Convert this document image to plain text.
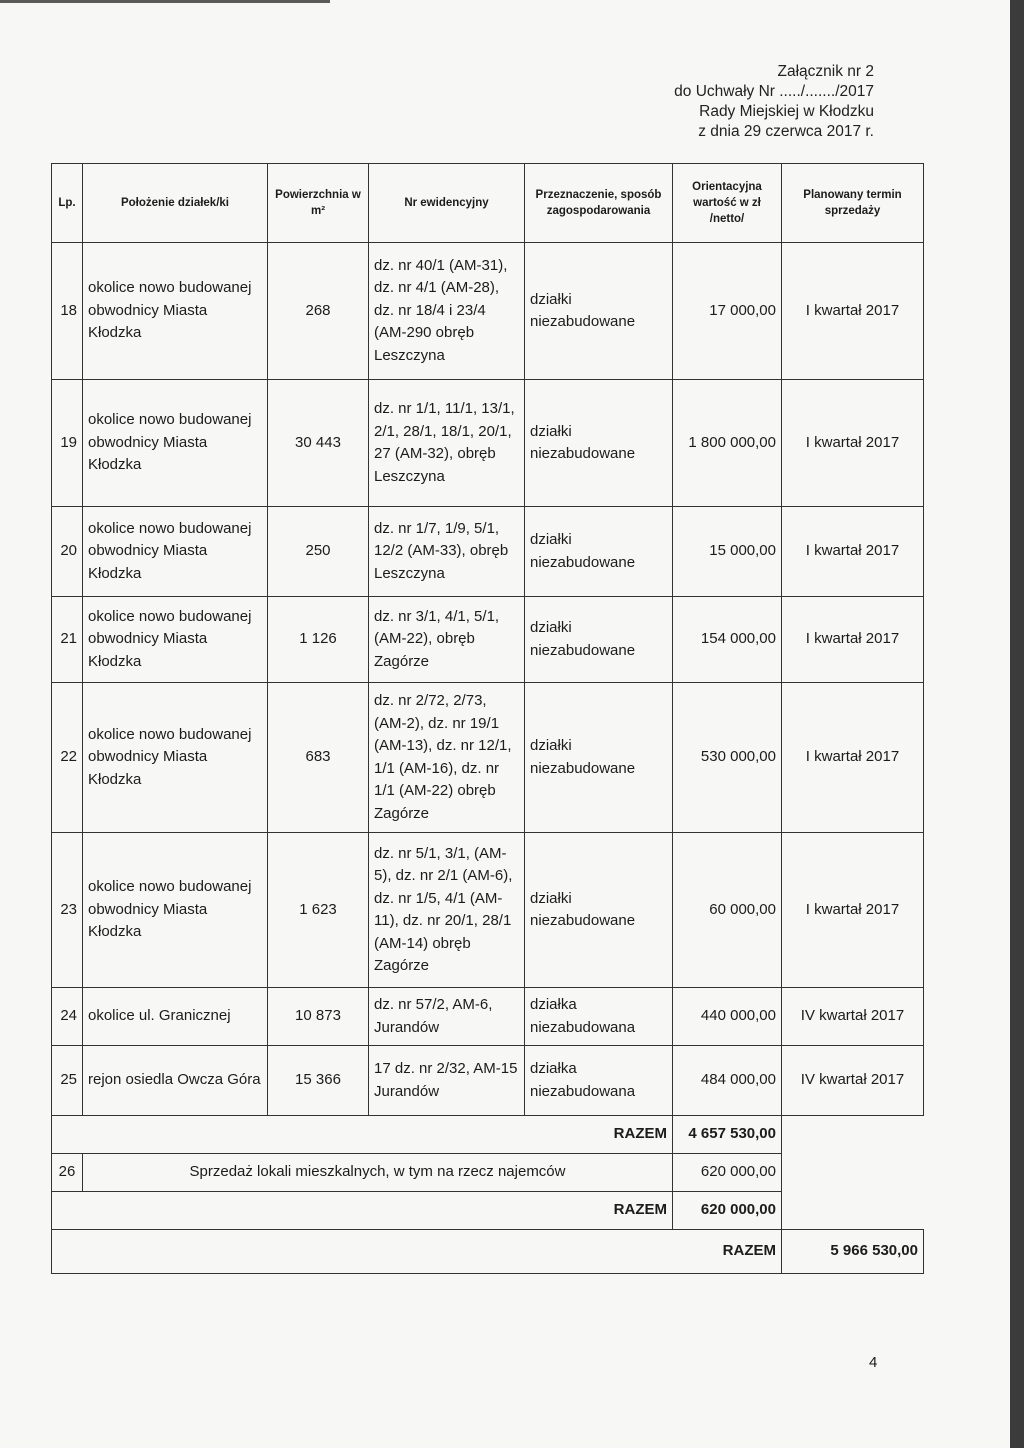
Załącznik nr 2
do Uchwały Nr ...../......./2017
Rady Miejskiej w Kłodzku
z dnia 29 czerwca 2017 r.
Lp.	Położenie działek/ki	Powierzchnia w m²	Nr ewidencyjny	Przeznaczenie, sposób zagospodarowania	Orientacyjna wartość w zł /netto/	Planowany termin sprzedaży
18	okolice nowo budowanej obwodnicy Miasta Kłodzka	268	dz. nr 40/1 (AM-31), dz. nr 4/1 (AM-28), dz. nr 18/4 i 23/4 (AM-290 obręb Leszczyna	działki niezabudowane	17 000,00	I kwartał 2017
19	okolice nowo budowanej obwodnicy Miasta Kłodzka	30 443	dz. nr 1/1, 11/1, 13/1, 2/1, 28/1, 18/1, 20/1, 27 (AM-32), obręb Leszczyna	działki niezabudowane	1 800 000,00	I kwartał 2017
20	okolice nowo budowanej obwodnicy Miasta Kłodzka	250	dz. nr 1/7, 1/9, 5/1, 12/2 (AM-33), obręb Leszczyna	działki niezabudowane	15 000,00	I kwartał 2017
21	okolice nowo budowanej obwodnicy Miasta Kłodzka	1 126	dz. nr 3/1, 4/1, 5/1, (AM-22), obręb Zagórze	działki niezabudowane	154 000,00	I kwartał 2017
22	okolice nowo budowanej obwodnicy Miasta Kłodzka	683	dz. nr 2/72, 2/73, (AM-2), dz. nr 19/1 (AM-13), dz. nr 12/1, 1/1 (AM-16), dz. nr 1/1 (AM-22) obręb Zagórze	działki niezabudowane	530 000,00	I kwartał 2017
23	okolice nowo budowanej obwodnicy Miasta Kłodzka	1 623	dz. nr 5/1, 3/1, (AM-5), dz. nr 2/1 (AM-6), dz. nr 1/5, 4/1 (AM-11), dz. nr 20/1, 28/1 (AM-14) obręb Zagórze	działki niezabudowane	60 000,00	I kwartał 2017
24	okolice ul. Granicznej	10 873	dz. nr 57/2, AM-6, Jurandów	działka niezabudowana	440 000,00	IV kwartał 2017
25	rejon osiedla Owcza Góra	15 366	17 dz. nr 2/32, AM-15 Jurandów	działka niezabudowana	484 000,00	IV kwartał 2017
RAZEM					4 657 530,00	
26	Sprzedaż lokali mieszkalnych, w tym na rzecz najemców				620 000,00	
RAZEM					620 000,00	
RAZEM						5 966 530,00
4
